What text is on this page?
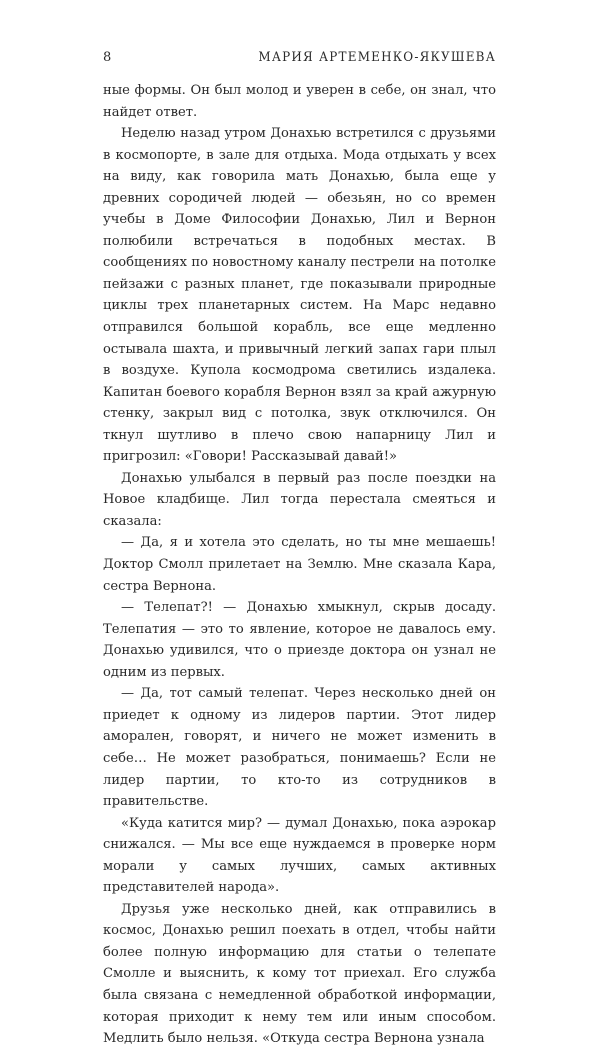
8	МАРИЯ АРТЕМЕНКО-ЯКУШЕВА

ные формы. Он был молод и уверен в себе, он знал, что найдет ответ.

Неделю назад утром Донахью встретился с друзьями в космопорте, в зале для отдыха. Мода отдыхать у всех на виду, как говорила мать Донахью, была еще у древних сородичей людей — обезьян, но со времен учебы в Доме Философии Донахью, Лил и Вернон полюбили встречаться в подобных местах. В сообщениях по новостному каналу пестрели на потолке пейзажи с разных планет, где показывали природные циклы трех планетарных систем. На Марс недавно отправился большой корабль, все еще медленно остывала шахта, и привычный легкий запах гари плыл в воздухе. Купола космодрома светились издалека. Капитан боевого корабля Вернон взял за край ажурную стенку, закрыл вид с потолка, звук отключился. Он ткнул шутливо в плечо свою напарницу Лил и пригрозил: «Говори! Рассказывай давай!»

Донахью улыбался в первый раз после поездки на Новое кладбище. Лил тогда перестала смеяться и сказала:

— Да, я и хотела это сделать, но ты мне мешаешь! Доктор Смолл прилетает на Землю. Мне сказала Кара, сестра Вернона.

— Телепат?! — Донахью хмыкнул, скрыв досаду. Телепатия — это то явление, которое не давалось ему. Донахью удивился, что о приезде доктора он узнал не одним из первых.

— Да, тот самый телепат. Через несколько дней он приедет к одному из лидеров партии. Этот лидер аморален, говорят, и ничего не может изменить в себе… Не может разобраться, понимаешь? Если не лидер партии, то кто-то из сотрудников в правительстве.

«Куда катится мир? — думал Донахью, пока аэрокар снижался. — Мы все еще нуждаемся в проверке норм морали у самых лучших, самых активных представителей народа».

Друзья уже несколько дней, как отправились в космос, Донахью решил поехать в отдел, чтобы найти более полную информацию для статьи о телепате Смолле и выяснить, к кому тот приехал. Его служба была связана с немедленной обработкой информации, которая приходит к нему тем или иным способом. Медлить было нельзя. «Откуда сестра Вернона узнала
